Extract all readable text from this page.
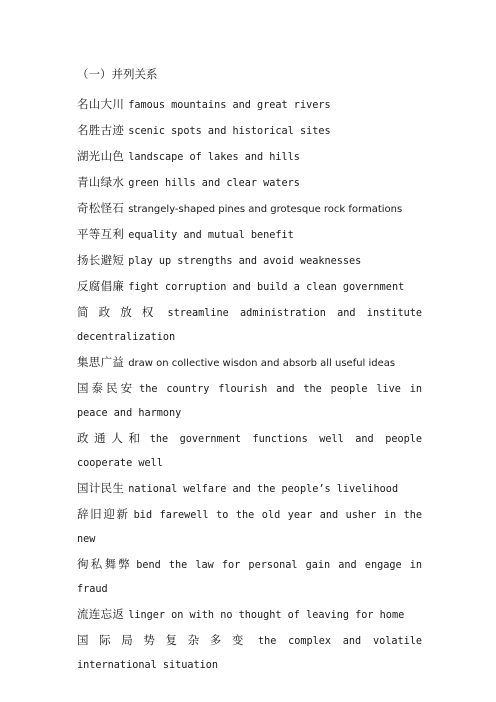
（一）并列关系
名山大川 famous mountains and great rivers
名胜古迹 scenic spots and historical sites
湖光山色 landscape of lakes and hills
青山绿水 green hills and clear waters
奇松怪石 strangely-shaped pines and grotesque rock formations
平等互利 equality and mutual benefit
扬长避短 play up strengths and avoid weaknesses
反腐倡廉 fight corruption and build a clean government
简政放权 streamline administration and institute decentralization
集思广益 draw on collective wisdon and absorb all useful ideas
国泰民安 the country flourish and the people live in peace and harmony
政通人和 the government functions well and people cooperate well
国计民生 national welfare and the people’s livelihood
辞旧迎新 bid farewell to the old year and usher in the new
徇私舞弊 bend the law for personal gain and engage in fraud
流连忘返 linger on with no thought of leaving for home
国际局势复杂多变 the complex and volatile international situation
